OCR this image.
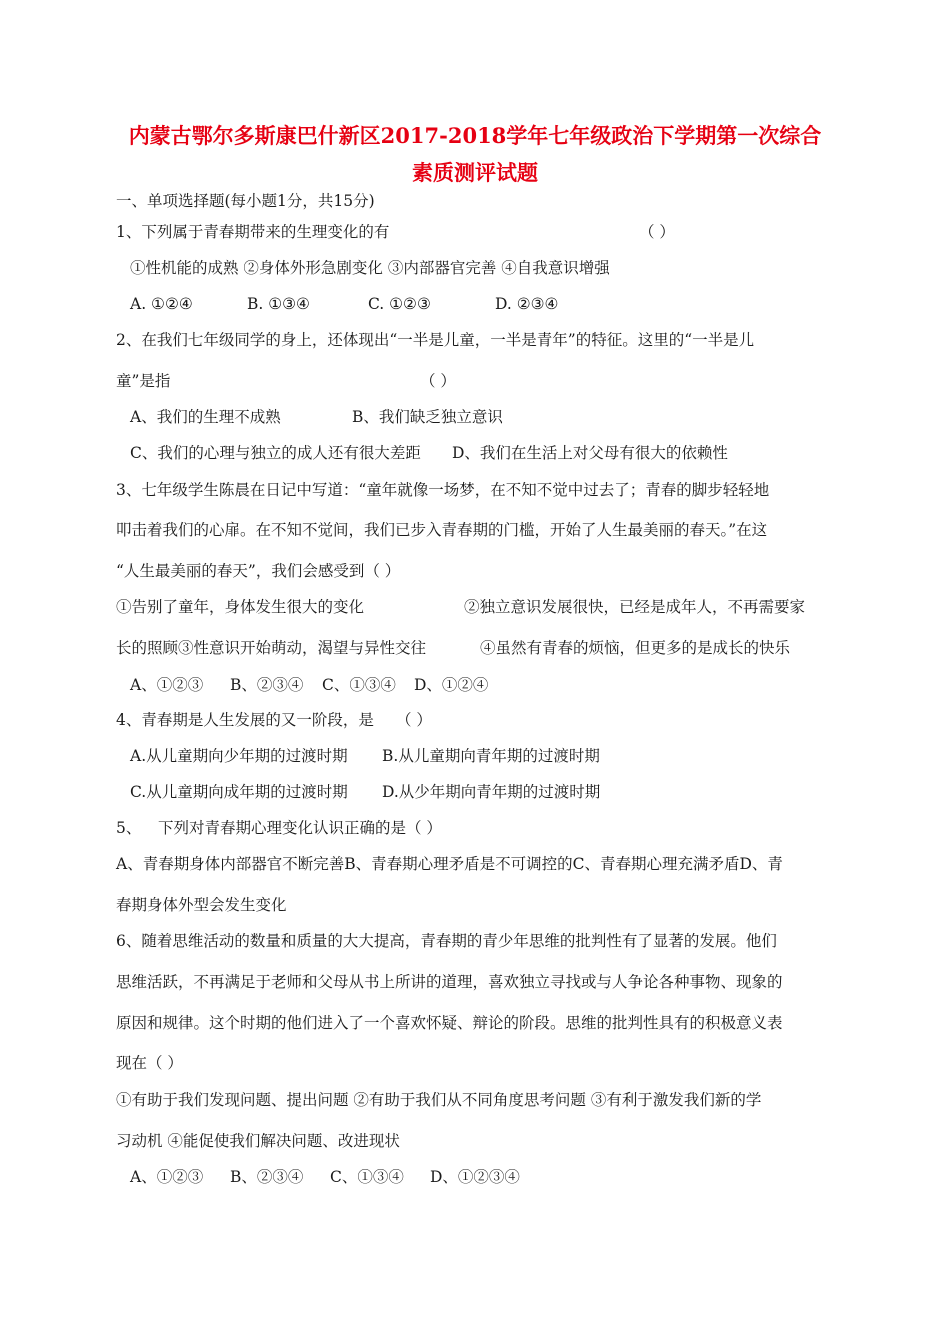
内蒙古鄂尔多斯康巴什新区2017-2018学年七年级政治下学期第一次综合
素质测评试题
一、单项选择题(每小题1分，共15分)
1、下列属于青春期带来的生理变化的有	（ ）
①性机能的成熟 ②身体外形急剧变化 ③内部器官完善 ④自我意识增强
A. ①②④	B. ①③④	C. ①②③	D. ②③④
2、在我们七年级同学的身上，还体现出“一半是儿童，一半是青年”的特征。这里的“一半是儿
童”是指	（ ）
A、我们的生理不成熟	B、我们缺乏独立意识
C、我们的心理与独立的成人还有很大差距 D、我们在生活上对父母有很大的依赖性
3、七年级学生陈晨在日记中写道：“童年就像一场梦，在不知不觉中过去了；青春的脚步轻轻地
叩击着我们的心扉。在不知不觉间，我们已步入青春期的门槛，开始了人生最美丽的春天。”在这
“人生最美丽的春天”，我们会感受到（ ）
①告别了童年，身体发生很大的变化	②独立意识发展很快，已经是成年人，不再需要家
长的照顾③性意识开始萌动，渴望与异性交往	④虽然有青春的烦恼，但更多的是成长的快乐
A、①②③ B、②③④ C、①③④ D、①②④
4、青春期是人生发展的又一阶段，是 （ ）
A.从儿童期向少年期的过渡时期 B.从儿童期向青年期的过渡时期
C.从儿童期向成年期的过渡时期 D.从少年期向青年期的过渡时期
5、 下列对青春期心理变化认识正确的是（ ）
A、青春期身体内部器官不断完善B、青春期心理矛盾是不可调控的C、青春期心理充满矛盾D、青
春期身体外型会发生变化
6、随着思维活动的数量和质量的大大提高，青春期的青少年思维的批判性有了显著的发展。他们
思维活跃，不再满足于老师和父母从书上所讲的道理，喜欢独立寻找或与人争论各种事物、现象的
原因和规律。这个时期的他们进入了一个喜欢怀疑、辩论的阶段。思维的批判性具有的积极意义表
现在（ ）
①有助于我们发现问题、提出问题 ②有助于我们从不同角度思考问题 ③有利于激发我们新的学
习动机 ④能促使我们解决问题、改进现状
A、①②③ B、②③④ C、①③④ D、①②③④
